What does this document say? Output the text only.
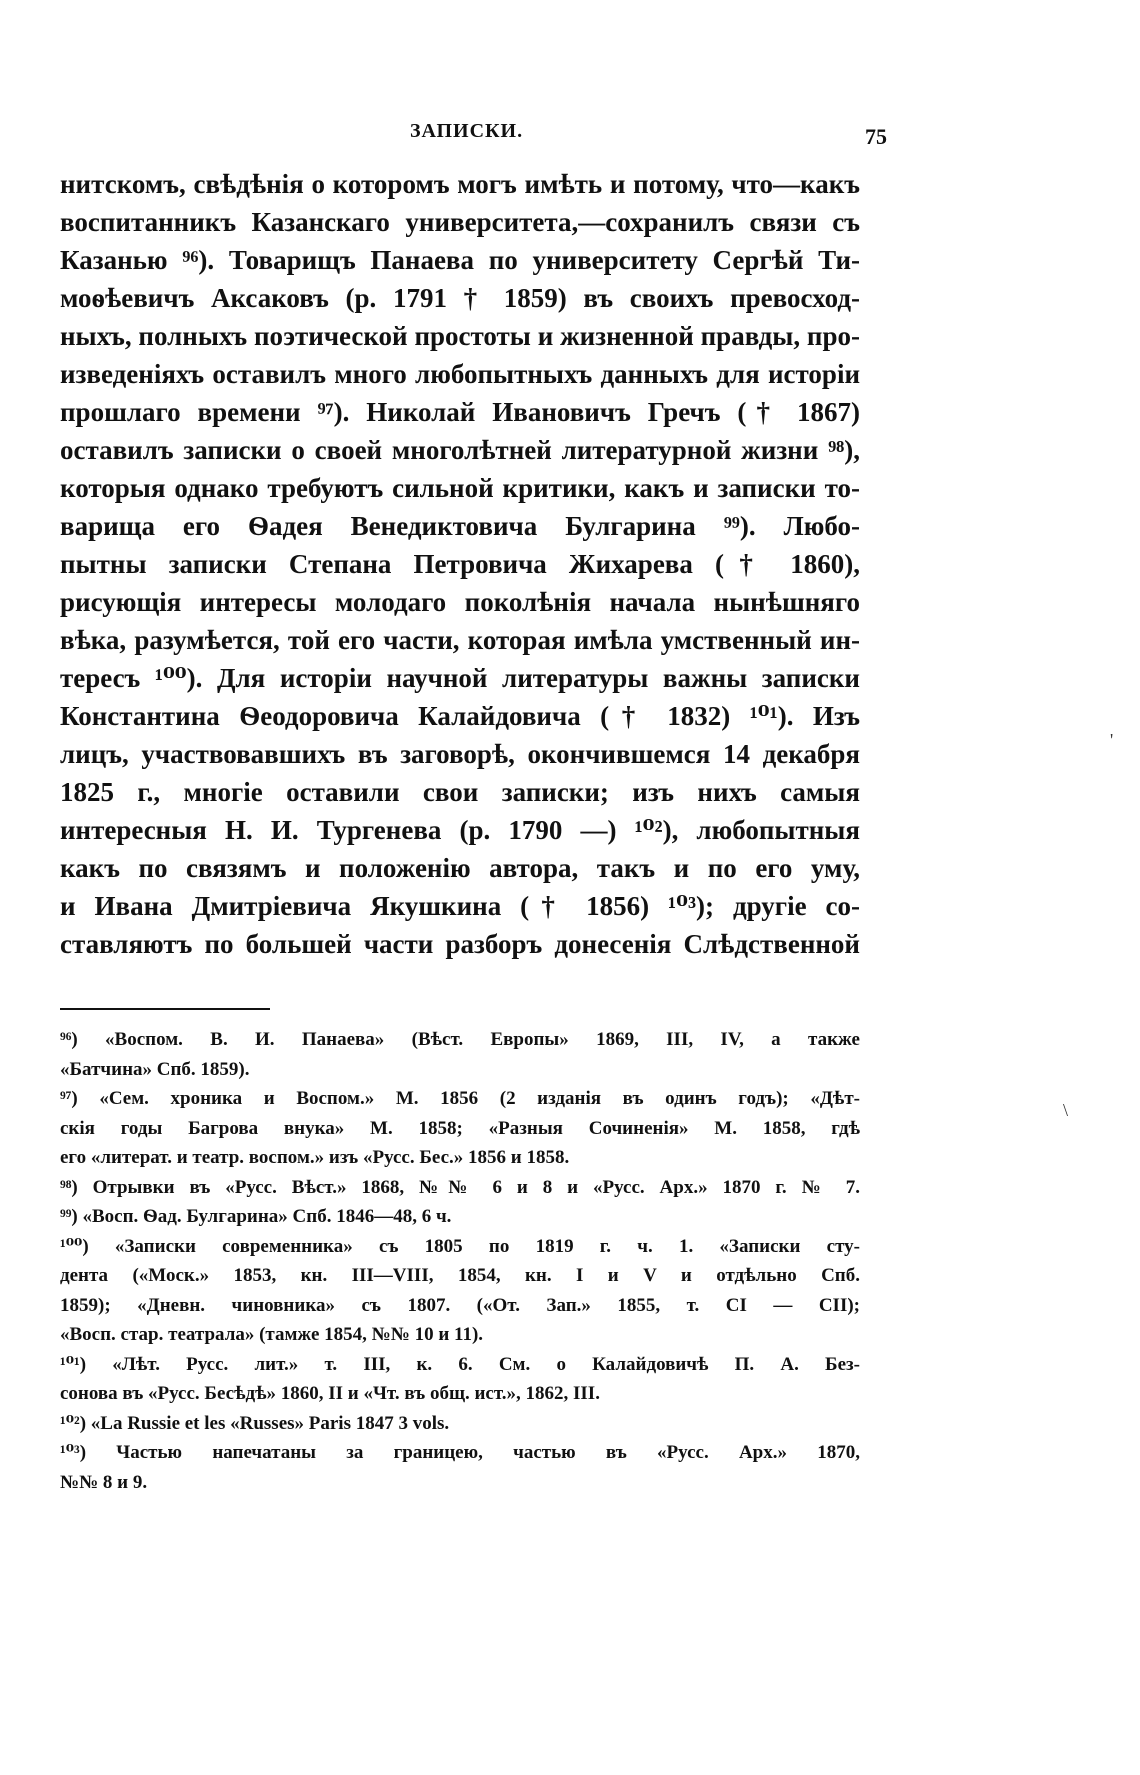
ЗАПИСКИ.	75
нитскомъ, свѣдѣнія о которомъ могъ имѣть и потому, что—какъ
воспитанникъ Казанскаго университета,—сохранилъ связи съ
Казанью ⁹⁶). Товарищъ Панаева по университету Сергѣй Ти-
моѳѣевичъ Аксаковъ (р. 1791 † 1859) въ своихъ превосход-
ныхъ, полныхъ поэтической простоты и жизненной правды, про-
изведеніяхъ оставилъ много любопытныхъ данныхъ для исторіи
прошлаго времени ⁹⁷). Николай Ивановичъ Гречъ († 1867)
оставилъ записки о своей многолѣтней литературной жизни ⁹⁸),
которыя однако требуютъ сильной критики, какъ и записки то-
варища его Ѳадея Венедиктовича Булгарина ⁹⁹). Любо-
пытны записки Степана Петровича Жихарева († 1860),
рисующія интересы молодаго поколѣнія начала нынѣшняго
вѣка, разумѣется, той его части, которая имѣла умственный ин-
тересъ ¹⁰⁰). Для исторіи научной литературы важны записки
Константина Ѳеодоровича Калайдовича († 1832) ¹⁰¹). Изъ
лицъ, участвовавшихъ въ заговорѣ, окончившемся 14 декабря
1825 г., многіе оставили свои записки; изъ нихъ самыя
интересныя Н. И. Тургенева (р. 1790 —) ¹⁰²), любопытныя
какъ по связямъ и положенію автора, такъ и по его уму,
и Ивана Дмитріевича Якушкина († 1856) ¹⁰³); другіе со-
ставляютъ по большей части разборъ донесенія Слѣдственной
⁹⁶) «Воспом. В. И. Панаева» (Вѣст. Европы» 1869, III, IV, а также
«Батчина» Спб. 1859).
⁹⁷) «Сем. хроника и Воспом.» М. 1856 (2 изданія въ одинъ годъ); «Дѣт-
скія годы Багрова внука» М. 1858; «Разныя Сочиненія» М. 1858, гдѣ
его «литерат. и театр. воспом.» изъ «Русс. Бес.» 1856 и 1858.
⁹⁸) Отрывки въ «Русс. Вѣст.» 1868, №№ 6 и 8 и «Русс. Арх.» 1870 г. № 7.
⁹⁹) «Восп. Ѳад. Булгарина» Спб. 1846—48, 6 ч.
¹⁰⁰) «Записки современника» съ 1805 по 1819 г. ч. 1. «Записки сту-
дента («Моск.» 1853, кн. III—VIII, 1854, кн. I и V и отдѣльно Спб.
1859); «Дневн. чиновника» съ 1807. («От. Зап.» 1855, т. CI — CII);
«Восп. стар. театрала» (тамже 1854, №№ 10 и 11).
¹⁰¹) «Лѣт. Русс. лит.» т. III, к. 6. См. о Калайдовичѣ П. А. Без-
сонова въ «Русс. Бесѣдѣ» 1860, II и «Чт. въ общ. ист.», 1862, III.
¹⁰²) «La Russie et les «Russes» Paris 1847 3 vols.
¹⁰³) Частью напечатаны за границею, частью въ «Русс. Арх.» 1870,
№№ 8 и 9.
'
\
